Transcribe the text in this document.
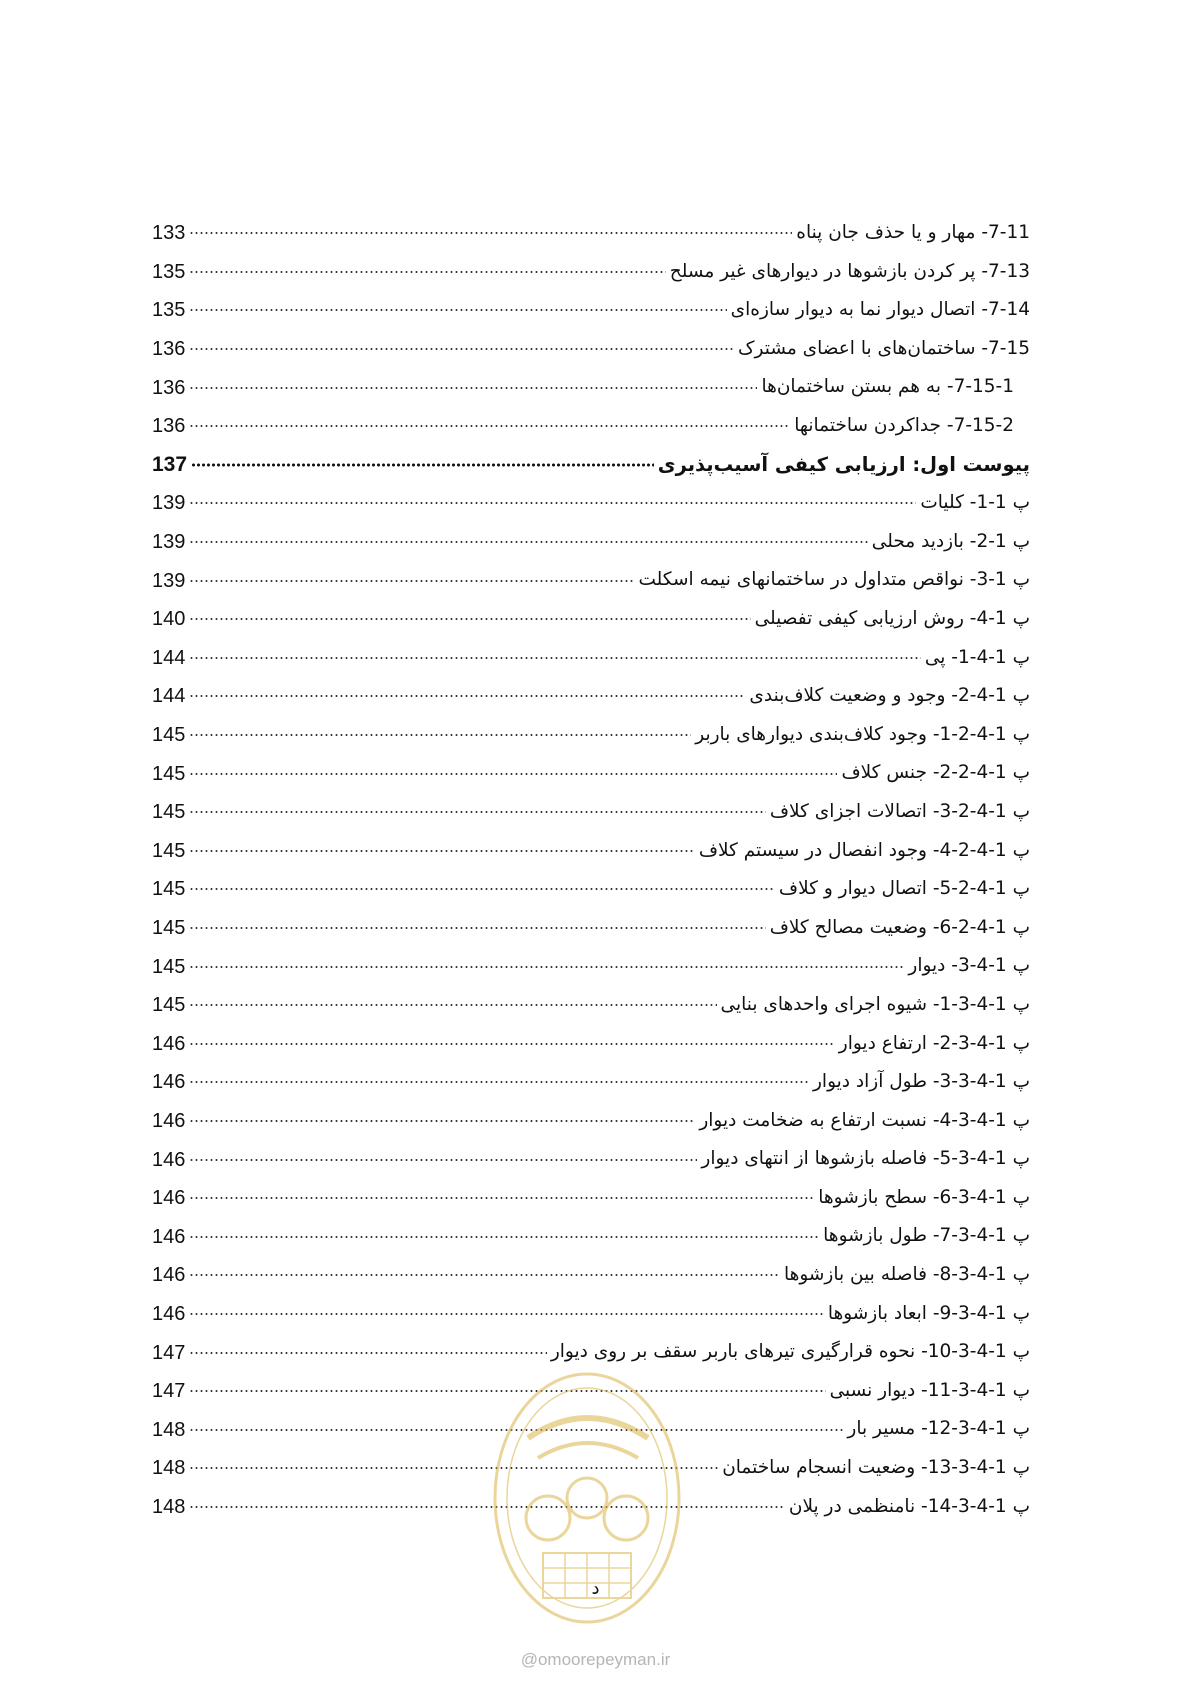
7-11- مهار و یا حذف جان پناه
133
7-13- پر کردن بازشوها در دیوارهای غیر مسلح
135
7-14- اتصال دیوار نما به دیوار سازه‌ای
135
7-15- ساختمان‌های با اعضای مشترک
136
7-15-1- به هم بستن ساختمان‌ها
136
7-15-2- جداکردن ساختمانها
136
پیوست اول: ارزیابی کیفی آسیب‌پذیری
137
پ 1-1- کلیات
139
پ 1-2- بازدید محلی
139
پ 1-3- نواقص متداول در ساختمانهای نیمه اسکلت
139
پ 1-4- روش ارزیابی کیفی تفصیلی
140
پ 1-4-1- پی
144
پ 1-4-2- وجود و وضعیت کلاف‌بندی
144
پ 1-4-2-1- وجود کلاف‌بندی دیوارهای باربر
145
پ 1-4-2-2- جنس کلاف
145
پ 1-4-2-3- اتصالات اجزای کلاف
145
پ 1-4-2-4- وجود انفصال در سیستم کلاف
145
پ 1-4-2-5- اتصال دیوار و کلاف
145
پ 1-4-2-6- وضعیت مصالح کلاف
145
پ 1-4-3- دیوار
145
پ 1-4-3-1- شیوه اجرای واحدهای بنایی
145
پ 1-4-3-2- ارتفاع دیوار
146
پ 1-4-3-3- طول آزاد دیوار
146
پ 1-4-3-4- نسبت ارتفاع به ضخامت دیوار
146
پ 1-4-3-5- فاصله بازشوها از انتهای دیوار
146
پ 1-4-3-6- سطح بازشوها
146
پ 1-4-3-7- طول بازشوها
146
پ 1-4-3-8- فاصله بین بازشوها
146
پ 1-4-3-9- ابعاد بازشوها
146
پ 1-4-3-10- نحوه قرارگیری تیرهای باربر سقف بر روی دیوار
147
پ 1-4-3-11- دیوار نسبی
147
پ 1-4-3-12- مسیر بار
148
پ 1-4-3-13- وضعیت انسجام ساختمان
148
پ 1-4-3-14- نامنظمی در پلان
148
د
@omoorepeyman.ir
